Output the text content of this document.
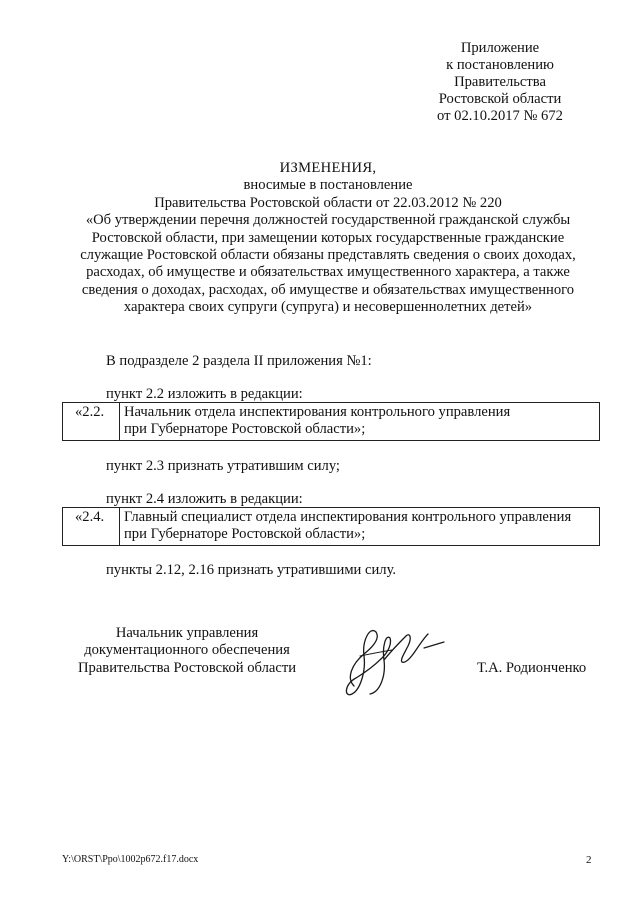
Приложение
к постановлению
Правительства
Ростовской области
от 02.10.2017 № 672
ИЗМЕНЕНИЯ,
вносимые в постановление
Правительства Ростовской области от 22.03.2012 № 220
«Об утверждении перечня должностей государственной гражданской службы
Ростовской области, при замещении которых государственные гражданские
служащие Ростовской области обязаны представлять сведения о своих доходах,
расходах, об имуществе и обязательствах имущественного характера, а также
сведения о доходах, расходах, об имуществе и обязательствах имущественного
характера своих супруги (супруга) и несовершеннолетних детей»
В подразделе 2 раздела II приложения №1:
пункт 2.2 изложить в редакции:
«2.2.	Начальник отдела инспектирования контрольного управления
при Губернаторе Ростовской области»;
пункт 2.3 признать утратившим силу;
пункт 2.4 изложить в редакции:
«2.4.	Главный специалист отдела инспектирования контрольного управления
при Губернаторе Ростовской области»;
пункты 2.12, 2.16 признать утратившими силу.
Начальник управления
документационного обеспечения
Правительства Ростовской области	Т.А. Родионченко
Y:\ORST\Ppo\1002p672.f17.docx	2
